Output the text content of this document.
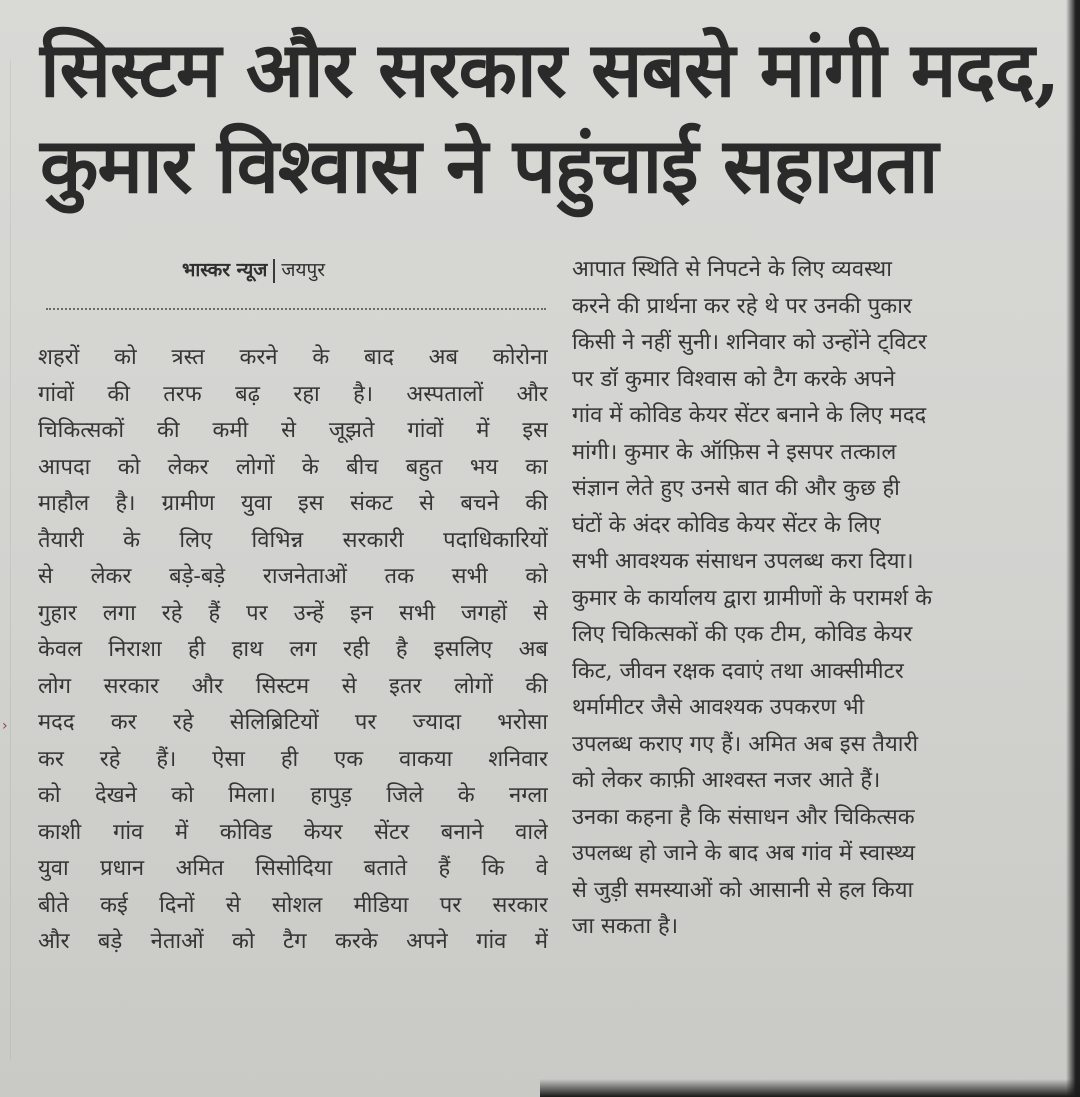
सिस्टम और सरकार सबसे मांगी मदद,
कुमार विश्वास ने पहुंचाई सहायता
भास्कर न्यूज जयपुर
›
शहरों को त्रस्त करने के बाद अब कोरोना
गांवों की तरफ बढ़ रहा है। अस्पतालों और
चिकित्सकों की कमी से जूझते गांवों में इस
आपदा को लेकर लोगों के बीच बहुत भय का
माहौल है। ग्रामीण युवा इस संकट से बचने की
तैयारी के लिए विभिन्न सरकारी पदाधिकारियों
से लेकर बड़े-बड़े राजनेताओं तक सभी को
गुहार लगा रहे हैं पर उन्हें इन सभी जगहों से
केवल निराशा ही हाथ लग रही है इसलिए अब
लोग सरकार और सिस्टम से इतर लोगों की
मदद कर रहे सेलिब्रिटियों पर ज्यादा भरोसा
कर रहे हैं। ऐसा ही एक वाकया शनिवार
को देखने को मिला। हापुड़ जिले के नग्ला
काशी गांव में कोविड केयर सेंटर बनाने वाले
युवा प्रधान अमित सिसोदिया बताते हैं कि वे
बीते कई दिनों से सोशल मीडिया पर सरकार
और बड़े नेताओं को टैग करके अपने गांव में
आपात स्थिति से निपटने के लिए व्यवस्था
करने की प्रार्थना कर रहे थे पर उनकी पुकार
किसी ने नहीं सुनी। शनिवार को उन्होंने ट्विटर
पर डॉ कुमार विश्वास को टैग करके अपने
गांव में कोविड केयर सेंटर बनाने के लिए मदद
मांगी। कुमार के ऑफ़िस ने इसपर तत्काल
संज्ञान लेते हुए उनसे बात की और कुछ ही
घंटों के अंदर कोविड केयर सेंटर के लिए
सभी आवश्यक संसाधन उपलब्ध करा दिया।
कुमार के कार्यालय द्वारा ग्रामीणों के परामर्श के
लिए चिकित्सकों की एक टीम, कोविड केयर
किट, जीवन रक्षक दवाएं तथा आक्सीमीटर
थर्मामीटर जैसे आवश्यक उपकरण भी
उपलब्ध कराए गए हैं। अमित अब इस तैयारी
को लेकर काफ़ी आश्वस्त नजर आते हैं।
उनका कहना है कि संसाधन और चिकित्सक
उपलब्ध हो जाने के बाद अब गांव में स्वास्थ्य
से जुड़ी समस्याओं को आसानी से हल किया
जा सकता है।
